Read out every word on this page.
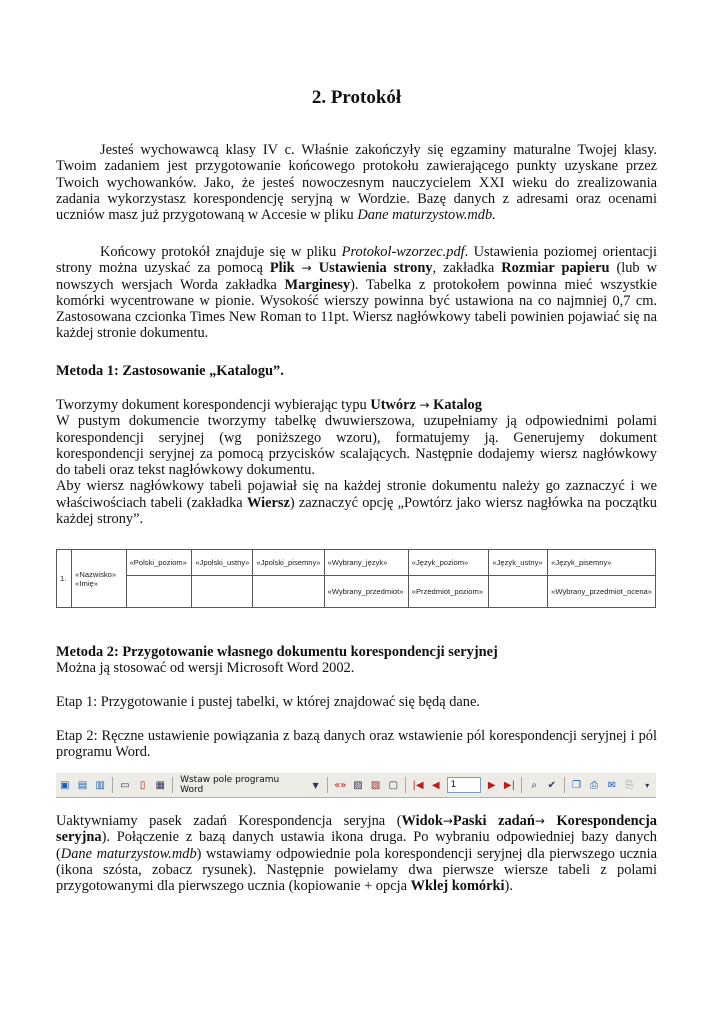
2. Protokół
Jesteś wychowawcą klasy IV c. Właśnie zakończyły się egzaminy maturalne Twojej klasy. Twoim zadaniem jest przygotowanie końcowego protokołu zawierającego punkty uzyskane przez Twoich wychowanków. Jako, że jesteś nowoczesnym nauczycielem XXI wieku do zrealizowania zadania wykorzystasz korespondencję seryjną w Wordzie. Bazę danych z adresami oraz ocenami uczniów masz już przygotowaną w Accesie w pliku Dane maturzystow.mdb.
Końcowy protokół znajduje się w pliku Protokol-wzorzec.pdf. Ustawienia poziomej orientacji strony można uzyskać za pomocą Plik → Ustawienia strony, zakładka Rozmiar papieru (lub w nowszych wersjach Worda zakładka Marginesy). Tabelka z protokołem powinna mieć wszystkie komórki wycentrowane w pionie. Wysokość wierszy powinna być ustawiona na co najmniej 0,7 cm. Zastosowana czcionka Times New Roman to 11pt. Wiersz nagłówkowy tabeli powinien pojawiać się na każdej stronie dokumentu.
Metoda 1: Zastosowanie „Katalogu”.
Tworzymy dokument korespondencji wybierając typu Utwórz → Katalog
W pustym dokumencie tworzymy tabelkę dwuwierszowa, uzupełniamy ją odpowiednimi polami korespondencji seryjnej (wg poniższego wzoru), formatujemy ją. Generujemy dokument korespondencji seryjnej za pomocą przycisków scalających. Następnie dodajemy wiersz nagłówkowy do tabeli oraz tekst nagłówkowy dokumentu.
Aby wiersz nagłówkowy tabeli pojawiał się na każdej stronie dokumentu należy go zaznaczyć i we właściwościach tabeli (zakładka Wiersz) zaznaczyć opcję „Powtórz jako wiersz nagłówka na początku każdej strony”.
1.	«Nazwisko» «Imię»	«Polski_poziom»	«Jpolski_ustny»	«Jpolski_pisemny»	«Wybrany_język»	«Język_poziom»	«Język_ustny»	«Język_pisemny»
					«Wybrany_przedmiot»	«Przedmiot_poziom»		«Wybrany_przedmiot_ocena»
Metoda 2: Przygotowanie własnego dokumentu korespondencji seryjnej
Można ją stosować od wersji Microsoft Word 2002.
Etap 1: Przygotowanie i pustej tabelki, w której znajdować się będą dane.
Etap 2: Ręczne ustawienie powiązania z bazą danych oraz wstawienie pól korespondencji seryjnej i pól programu Word.
▣ ▤ ▥	▭	▯	▦	Wstaw pole programu Word	▼	«» ▨ ▧ ▢	|◀ ◀	1	▶ ▶|	⌕	✔	❐ ⎙ ✉ ⎘	▾
Uaktywniamy pasek zadań Korespondencja seryjna (Widok→Paski zadań→ Korespondencja seryjna). Połączenie z bazą danych ustawia ikona druga. Po wybraniu odpowiedniej bazy danych (Dane maturzystow.mdb) wstawiamy odpowiednie pola korespondencji seryjnej dla pierwszego ucznia (ikona szósta, zobacz rysunek). Następnie powielamy dwa pierwsze wiersze tabeli z polami przygotowanymi dla pierwszego ucznia (kopiowanie + opcja Wklej komórki).
